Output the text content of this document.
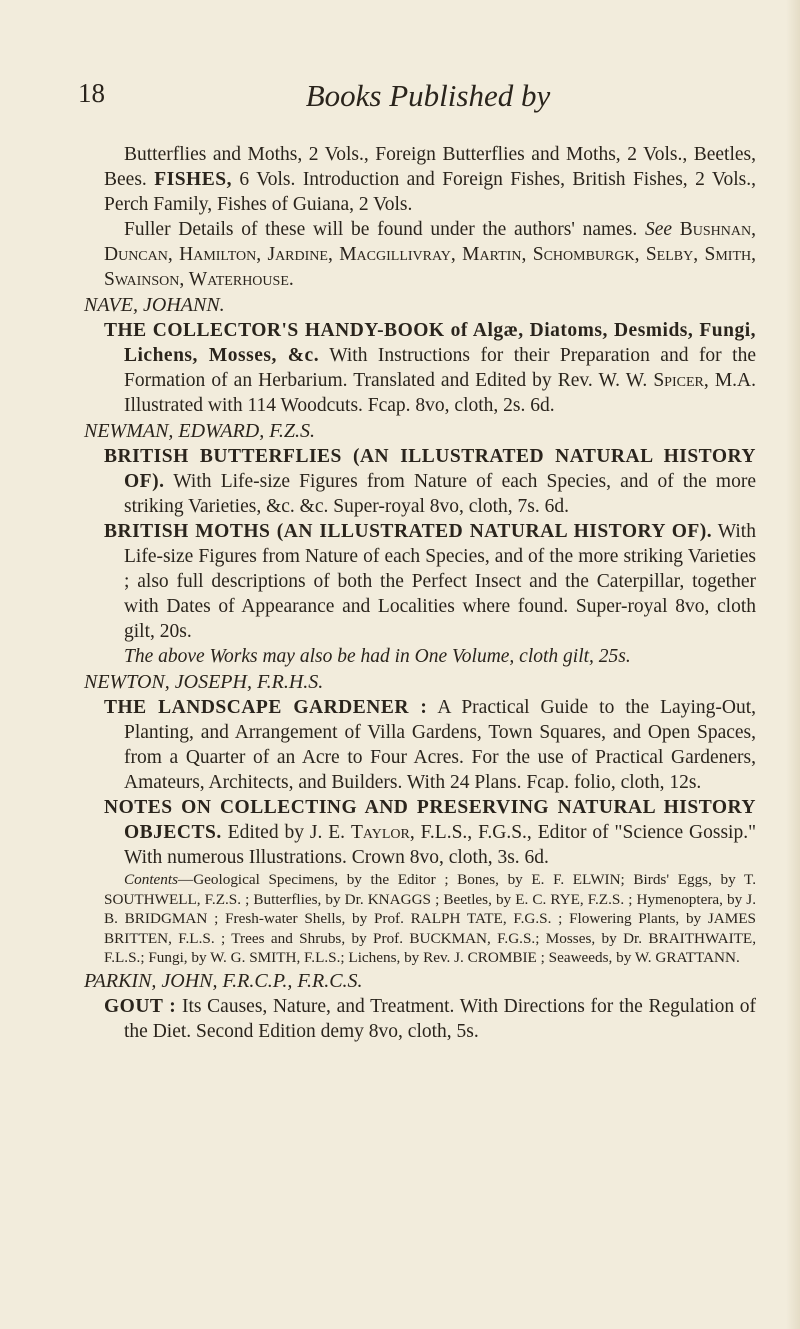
18	Books Published by

Butterflies and Moths, 2 Vols., Foreign Butterflies and Moths, 2 Vols., Beetles, Bees. FISHES, 6 Vols. Introduction and Foreign Fishes, British Fishes, 2 Vols., Perch Family, Fishes of Guiana, 2 Vols.

Fuller Details of these will be found under the authors' names. See Bushnan, Duncan, Hamilton, Jardine, Macgillivray, Martin, Schomburgk, Selby, Smith, Swainson, Waterhouse.

NAVE, JOHANN.

THE COLLECTOR'S HANDY-BOOK of Algæ, Diatoms, Desmids, Fungi, Lichens, Mosses, &c. With Instructions for their Preparation and for the Formation of an Herbarium. Translated and Edited by Rev. W. W. Spicer, M.A. Illustrated with 114 Woodcuts. Fcap. 8vo, cloth, 2s. 6d.

NEWMAN, EDWARD, F.Z.S.

BRITISH BUTTERFLIES (AN ILLUSTRATED NATURAL HISTORY OF). With Life-size Figures from Nature of each Species, and of the more striking Varieties, &c. &c. Super-royal 8vo, cloth, 7s. 6d.

BRITISH MOTHS (AN ILLUSTRATED NATURAL HISTORY OF). With Life-size Figures from Nature of each Species, and of the more striking Varieties ; also full descriptions of both the Perfect Insect and the Caterpillar, together with Dates of Appearance and Localities where found. Super-royal 8vo, cloth gilt, 20s.

The above Works may also be had in One Volume, cloth gilt, 25s.

NEWTON, JOSEPH, F.R.H.S.

THE LANDSCAPE GARDENER : A Practical Guide to the Laying-Out, Planting, and Arrangement of Villa Gardens, Town Squares, and Open Spaces, from a Quarter of an Acre to Four Acres. For the use of Practical Gardeners, Amateurs, Architects, and Builders. With 24 Plans. Fcap. folio, cloth, 12s.

NOTES ON COLLECTING AND PRESERVING NATURAL HISTORY OBJECTS. Edited by J. E. Taylor, F.L.S., F.G.S., Editor of "Science Gossip." With numerous Illustrations. Crown 8vo, cloth, 3s. 6d.

Contents—Geological Specimens, by the Editor ; Bones, by E. F. ELWIN; Birds' Eggs, by T. SOUTHWELL, F.Z.S. ; Butterflies, by Dr. KNAGGS ; Beetles, by E. C. RYE, F.Z.S. ; Hymenoptera, by J. B. BRIDGMAN ; Fresh-water Shells, by Prof. RALPH TATE, F.G.S. ; Flowering Plants, by JAMES BRITTEN, F.L.S. ; Trees and Shrubs, by Prof. BUCKMAN, F.G.S.; Mosses, by Dr. BRAITHWAITE, F.L.S.; Fungi, by W. G. SMITH, F.L.S.; Lichens, by Rev. J. CROMBIE ; Seaweeds, by W. GRATTANN.

PARKIN, JOHN, F.R.C.P., F.R.C.S.

GOUT : Its Causes, Nature, and Treatment. With Directions for the Regulation of the Diet. Second Edition demy 8vo, cloth, 5s.
